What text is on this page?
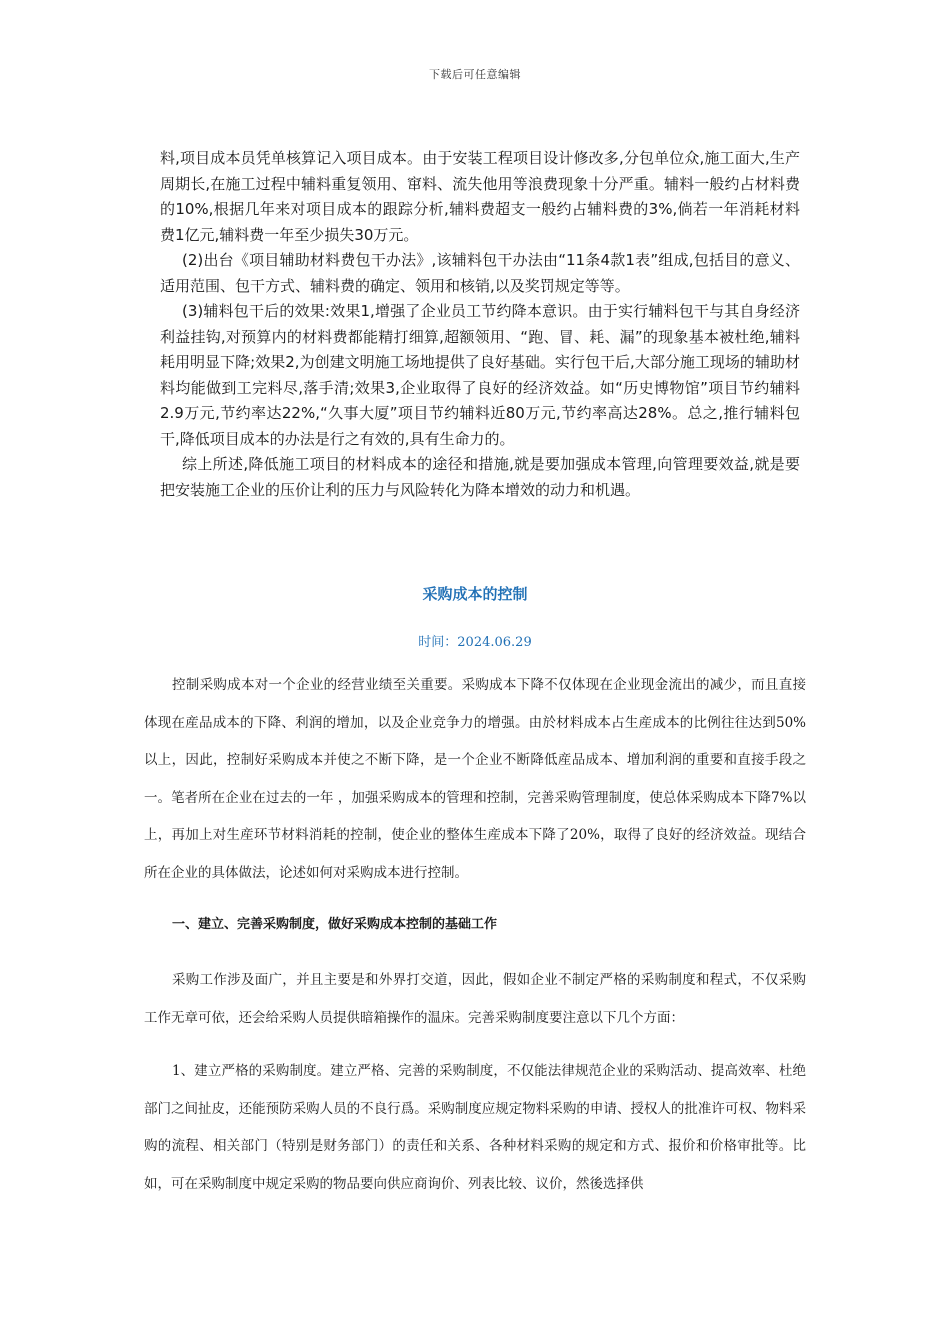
下载后可任意编辑

料,项目成本员凭单核算记入项目成本。由于安装工程项目设计修改多,分包单位众,施工面大,生产周期长,在施工过程中辅料重复领用、窜料、流失他用等浪费现象十分严重。辅料一般约占材料费的10%,根据几年来对项目成本的跟踪分析,辅料费超支一般约占辅料费的3%,倘若一年消耗材料费1亿元,辅料费一年至少损失30万元。

(2)出台《项目辅助材料费包干办法》,该辅料包干办法由“11条4款1表”组成,包括目的意义、适用范围、包干方式、辅料费的确定、领用和核销,以及奖罚规定等等。

(3)辅料包干后的效果:效果1,增强了企业员工节约降本意识。由于实行辅料包干与其自身经济利益挂钩,对预算内的材料费都能精打细算,超额领用、“跑、冒、耗、漏”的现象基本被杜绝,辅料耗用明显下降;效果2,为创建文明施工场地提供了良好基础。实行包干后,大部分施工现场的辅助材料均能做到工完料尽,落手清;效果3,企业取得了良好的经济效益。如“历史博物馆”项目节约辅料2.9万元,节约率达22%,“久事大厦”项目节约辅料近80万元,节约率高达28%。总之,推行辅料包干,降低项目成本的办法是行之有效的,具有生命力的。

综上所述,降低施工项目的材料成本的途径和措施,就是要加强成本管理,向管理要效益,就是要把安装施工企业的压价让利的压力与风险转化为降本增效的动力和机遇。

采购成本的控制
时间：2024.06.29

控制采购成本对一个企业的经营业绩至关重要。采购成本下降不仅体现在企业现金流出的减少，而且直接体现在産品成本的下降、利润的增加，以及企业竞争力的增强。由於材料成本占生産成本的比例往往达到50%以上，因此，控制好采购成本并使之不断下降，是一个企业不断降低産品成本、增加利润的重要和直接手段之一。笔者所在企业在过去的一年 ，加强采购成本的管理和控制，完善采购管理制度，使总体采购成本下降7%以上，再加上对生産环节材料消耗的控制，使企业的整体生産成本下降了20%，取得了良好的经济效益。现结合所在企业的具体做法，论述如何对采购成本进行控制。

一、建立、完善采购制度，做好采购成本控制的基础工作

采购工作涉及面广，并且主要是和外界打交道，因此，假如企业不制定严格的采购制度和程式，不仅采购工作无章可依，还会给采购人员提供暗箱操作的温床。完善采购制度要注意以下几个方面：

1、建立严格的采购制度。建立严格、完善的采购制度，不仅能法律规范企业的采购活动、提高效率、杜绝部门之间扯皮，还能预防采购人员的不良行爲。采购制度应规定物料采购的申请、授权人的批准许可权、物料采购的流程、相关部门（特别是财务部门）的责任和关系、各种材料采购的规定和方式、报价和价格审批等。比如，可在采购制度中规定采购的物品要向供应商询价、列表比较、议价，然後选择供
